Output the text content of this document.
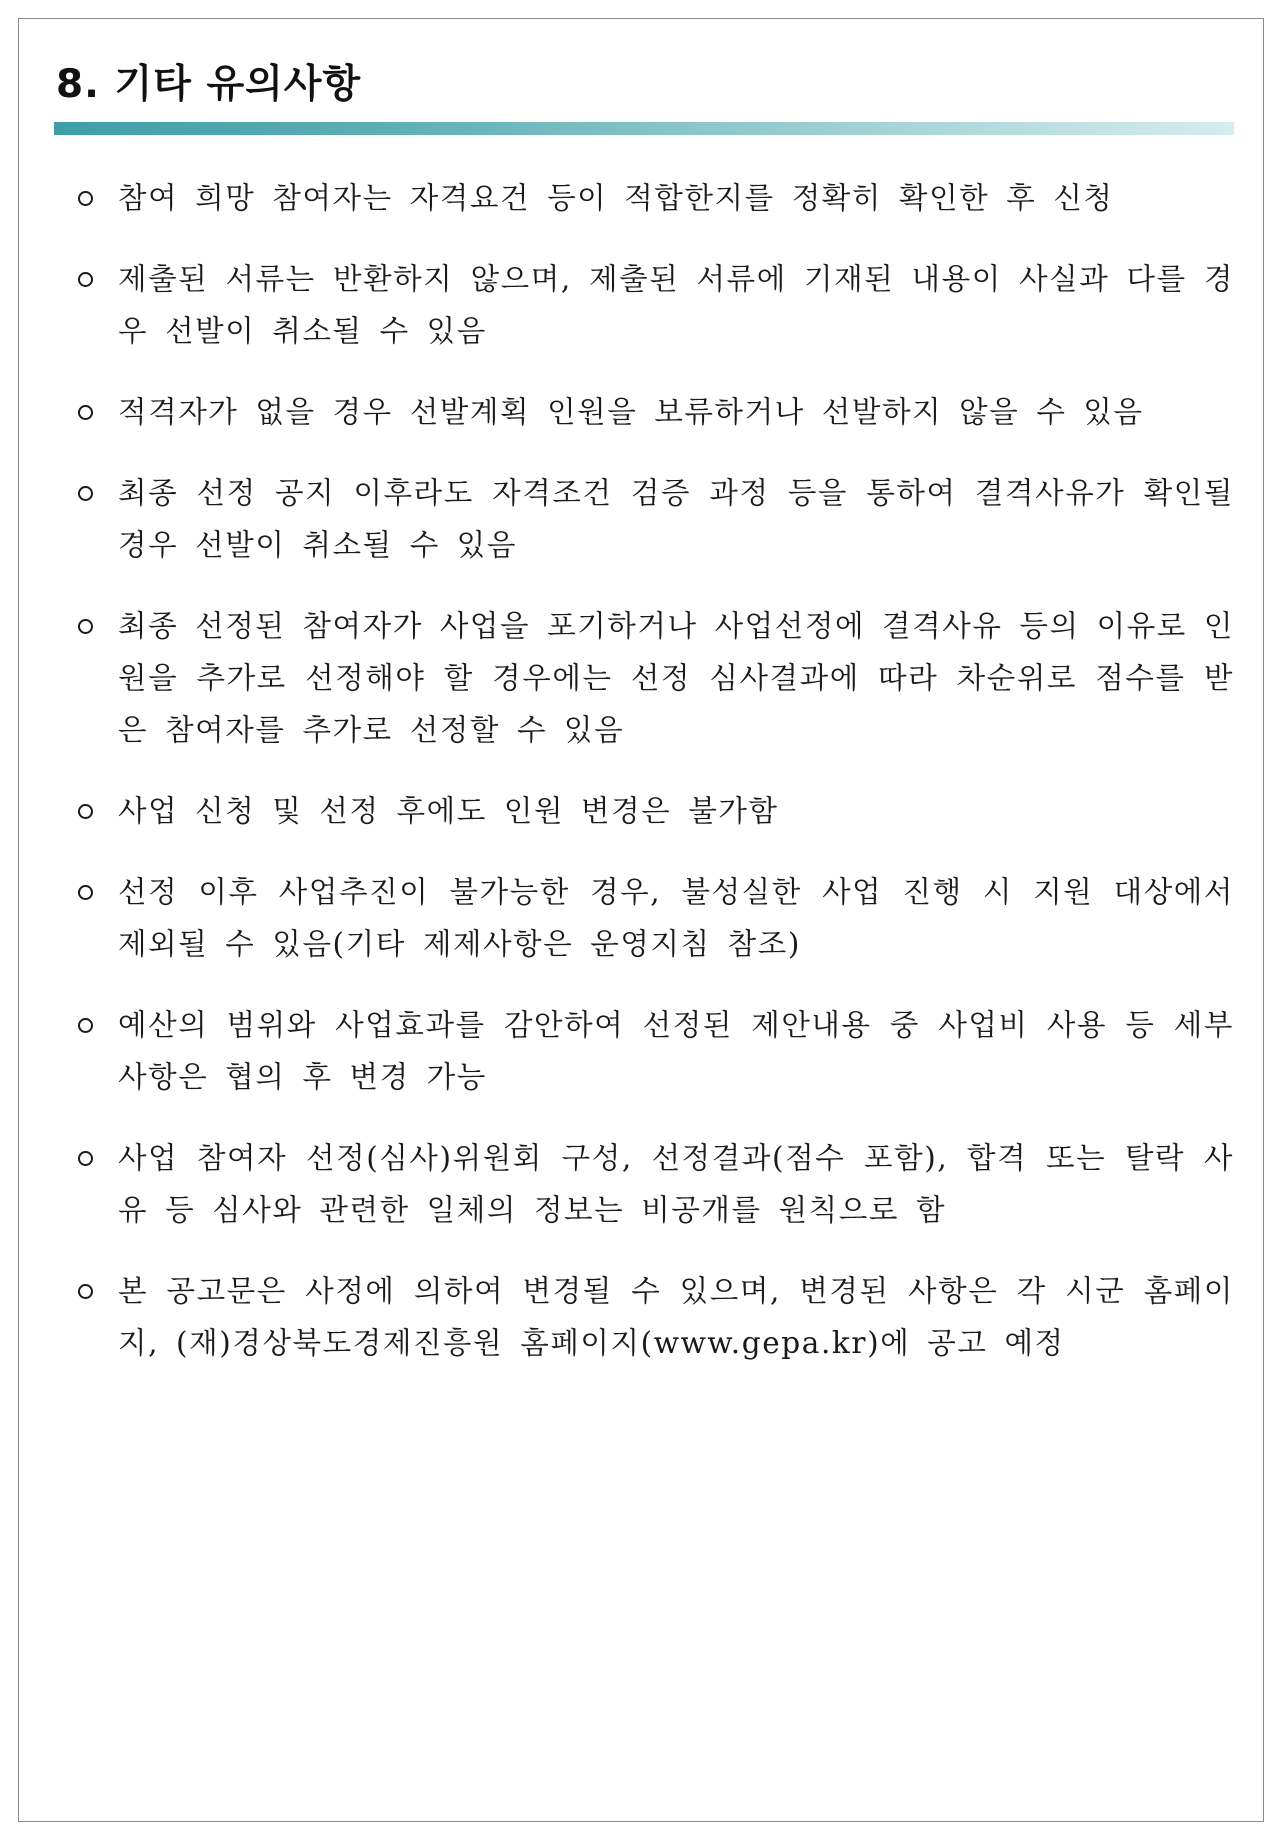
8. 기타 유의사항
참여 희망 참여자는 자격요건 등이 적합한지를 정확히 확인한 후 신청
제출된 서류는 반환하지 않으며, 제출된 서류에 기재된 내용이 사실과 다를 경우 선발이 취소될 수 있음
적격자가 없을 경우 선발계획 인원을 보류하거나 선발하지 않을 수 있음
최종 선정 공지 이후라도 자격조건 검증 과정 등을 통하여 결격사유가 확인될 경우 선발이 취소될 수 있음
최종 선정된 참여자가 사업을 포기하거나 사업선정에 결격사유 등의 이유로 인원을 추가로 선정해야 할 경우에는 선정 심사결과에 따라 차순위로 점수를 받은 참여자를 추가로 선정할 수 있음
사업 신청 및 선정 후에도 인원 변경은 불가함
선정 이후 사업추진이 불가능한 경우, 불성실한 사업 진행 시 지원 대상에서 제외될 수 있음(기타 제제사항은 운영지침 참조)
예산의 범위와 사업효과를 감안하여 선정된 제안내용 중 사업비 사용 등 세부사항은 협의 후 변경 가능
사업 참여자 선정(심사)위원회 구성, 선정결과(점수 포함), 합격 또는 탈락 사유 등 심사와 관련한 일체의 정보는 비공개를 원칙으로 함
본 공고문은 사정에 의하여 변경될 수 있으며, 변경된 사항은 각 시군 홈페이지, (재)경상북도경제진흥원 홈페이지(www.gepa.kr)에 공고 예정
